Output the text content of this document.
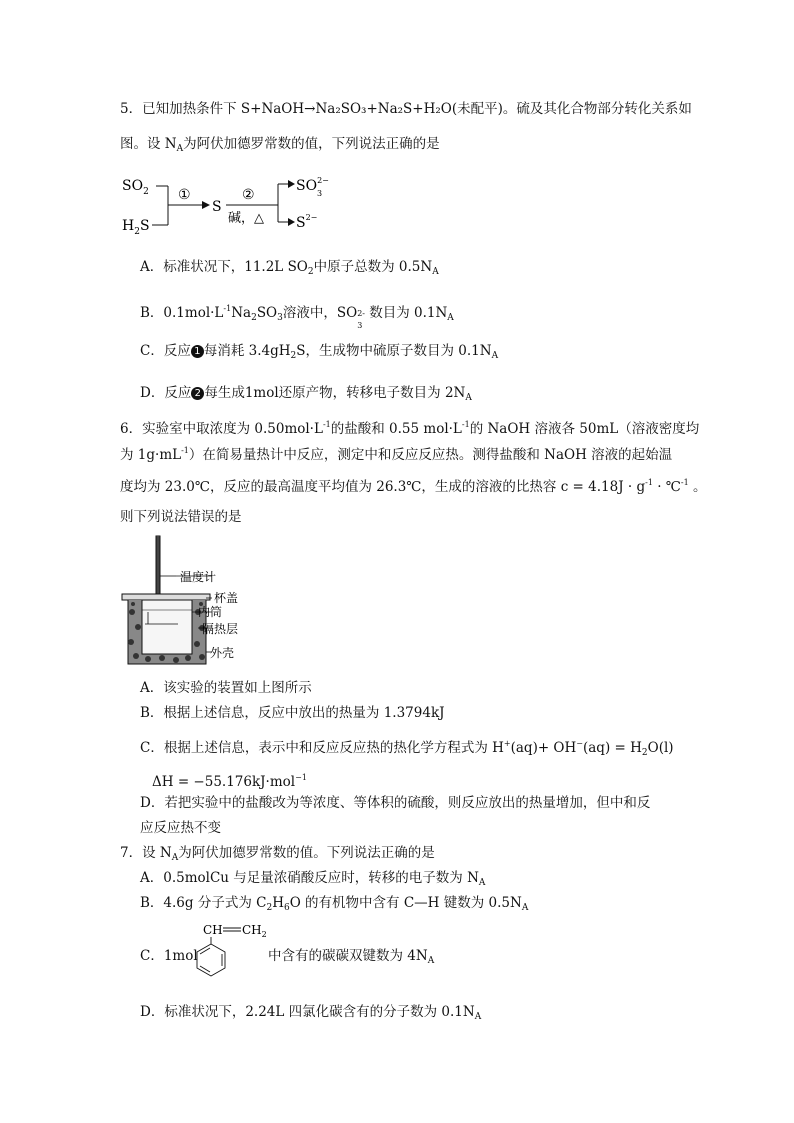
5．已知加热条件下 S+NaOH→Na₂SO₃+Na₂S+H₂O(未配平)。硫及其化合物部分转化关系如
图。设 $N_A$为阿伏加德罗常数的值，下列说法正确的是
$SO_2$
$H_2S$
①
S
②
碱，△
$SO^{2-}$
3
$S^{2-}$
A．标准状况下，11.2L $SO_2$中原子总数为 $0.5N_A$
B．$0.1mol\cdot L^{-1}Na_2SO_3$溶液中，SO 2-
3
数目为 $0.1N_A$
C．反应 1 每消耗 $3.4gH_2S$，生成物中硫原子数目为 $0.1N_A$
D．反应 2 每生成1mol还原产物，转移电子数目为 $2N_A$
6．实验室中取浓度为 $0.50mol\cdot L^{-1}$的盐酸和 0.55 $mol\cdot L^{-1}$的 NaOH 溶液各 50mL（溶液密度均
为 $1g\cdot mL^{-1}$）在简易量热计中反应，测定中和反应反应热。测得盐酸和 NaOH 溶液的起始温
度均为 23.0℃，反应的最高温度平均值为 26.3℃，生成的溶液的比热容 $c = 4.18J \cdot g^{-1}$ · ℃$^{-1}$ 。
则下列说法错误的是
温度计
杯盖
内筒
隔热层
外壳
A．该实验的装置如上图所示
B．根据上述信息，反应中放出的热量为 1.3794kJ
C．根据上述信息，表示中和反应反应热的热化学方程式为 $H^+(aq)+ OH^-(aq) = H_2O(l)$
ΔH = −55.176kJ·mol$^{-1}$
D．若把实验中的盐酸改为等浓度、等体积的硫酸，则反应放出的热量增加，但中和反
应反应热不变
7．设 $N_A$为阿伏加德罗常数的值。下列说法正确的是
A．0.5molCu 与足量浓硝酸反应时，转移的电子数为 $N_A$
B．4.6g 分子式为 $C_2H_6O$ 的有机物中含有 C—H 键数为 $0.5N_A$
C．1mol
CH $CH_2$
中含有的碳碳双键数为 $4N_A$
D．标准状况下，2.24L 四氯化碳含有的分子数为 $0.1N_A$
